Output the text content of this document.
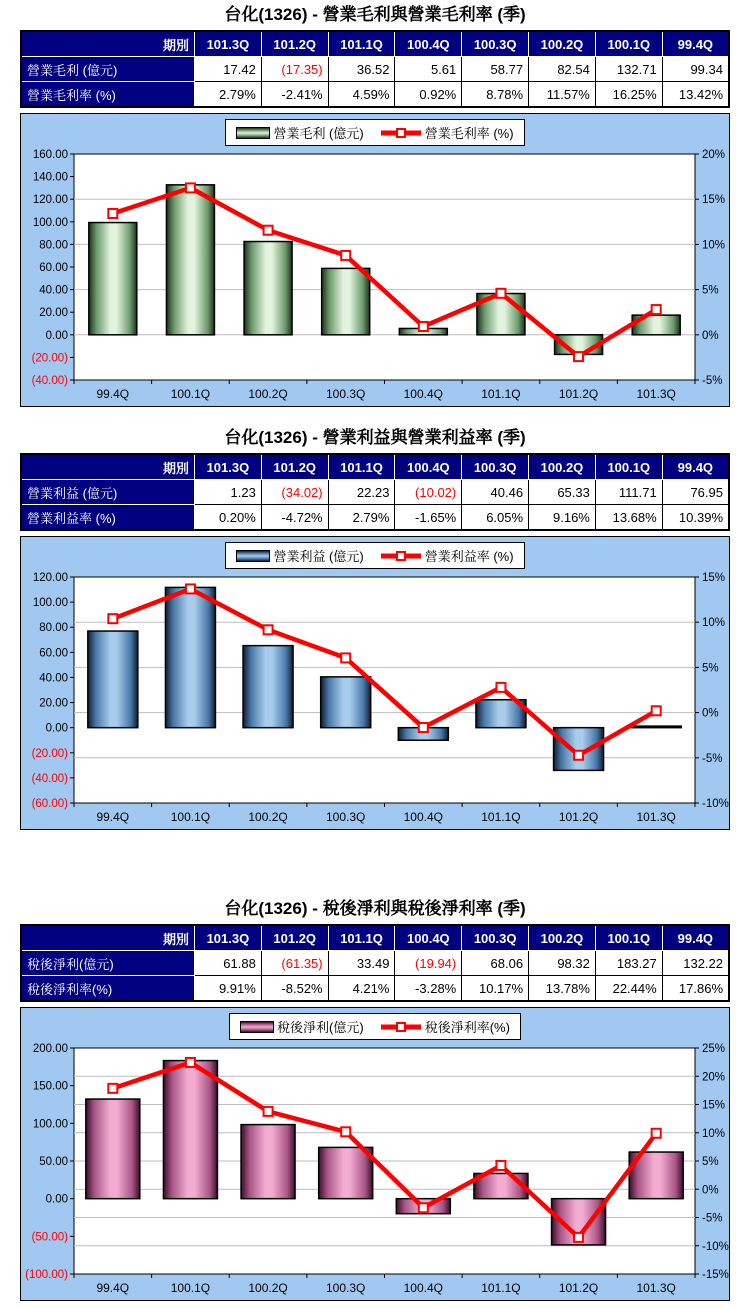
台化(1326) - 營業毛利與營業毛利率 (季)
期別	101.3Q	101.2Q	101.1Q	100.4Q	100.3Q	100.2Q	100.1Q	99.4Q
營業毛利 (億元)	17.42	(17.35)	36.52	5.61	58.77	82.54	132.71	99.34
營業毛利率 (%)	2.79%	-2.41%	4.59%	0.92%	8.78%	11.57%	16.25%	13.42%
營業毛利 (億元)	營業毛利率 (%)
160.00
140.00
120.00
100.00
80.00
60.00
40.00
20.00
0.00
(20.00)
(40.00)
20%
15%
10%
5%
0%
-5%
99.4Q	100.1Q	100.2Q	100.3Q	100.4Q	101.1Q	101.2Q	101.3Q
台化(1326) - 營業利益與營業利益率 (季)
期別	101.3Q	101.2Q	101.1Q	100.4Q	100.3Q	100.2Q	100.1Q	99.4Q
營業利益 (億元)	1.23	(34.02)	22.23	(10.02)	40.46	65.33	111.71	76.95
營業利益率 (%)	0.20%	-4.72%	2.79%	-1.65%	6.05%	9.16%	13.68%	10.39%
營業利益 (億元)	營業利益率 (%)
120.00
100.00
80.00
60.00
40.00
20.00
0.00
(20.00)
(40.00)
(60.00)
15%
10%
5%
0%
-5%
-10%
99.4Q	100.1Q	100.2Q	100.3Q	100.4Q	101.1Q	101.2Q	101.3Q
台化(1326) - 稅後淨利與稅後淨利率 (季)
期別	101.3Q	101.2Q	101.1Q	100.4Q	100.3Q	100.2Q	100.1Q	99.4Q
稅後淨利(億元)	61.88	(61.35)	33.49	(19.94)	68.06	98.32	183.27	132.22
稅後淨利率(%)	9.91%	-8.52%	4.21%	-3.28%	10.17%	13.78%	22.44%	17.86%
稅後淨利(億元)	稅後淨利率(%)
200.00
150.00
100.00
50.00
0.00
(50.00)
(100.00)
25%
20%
15%
10%
5%
0%
-5%
-10%
-15%
99.4Q	100.1Q	100.2Q	100.3Q	100.4Q	101.1Q	101.2Q	101.3Q
